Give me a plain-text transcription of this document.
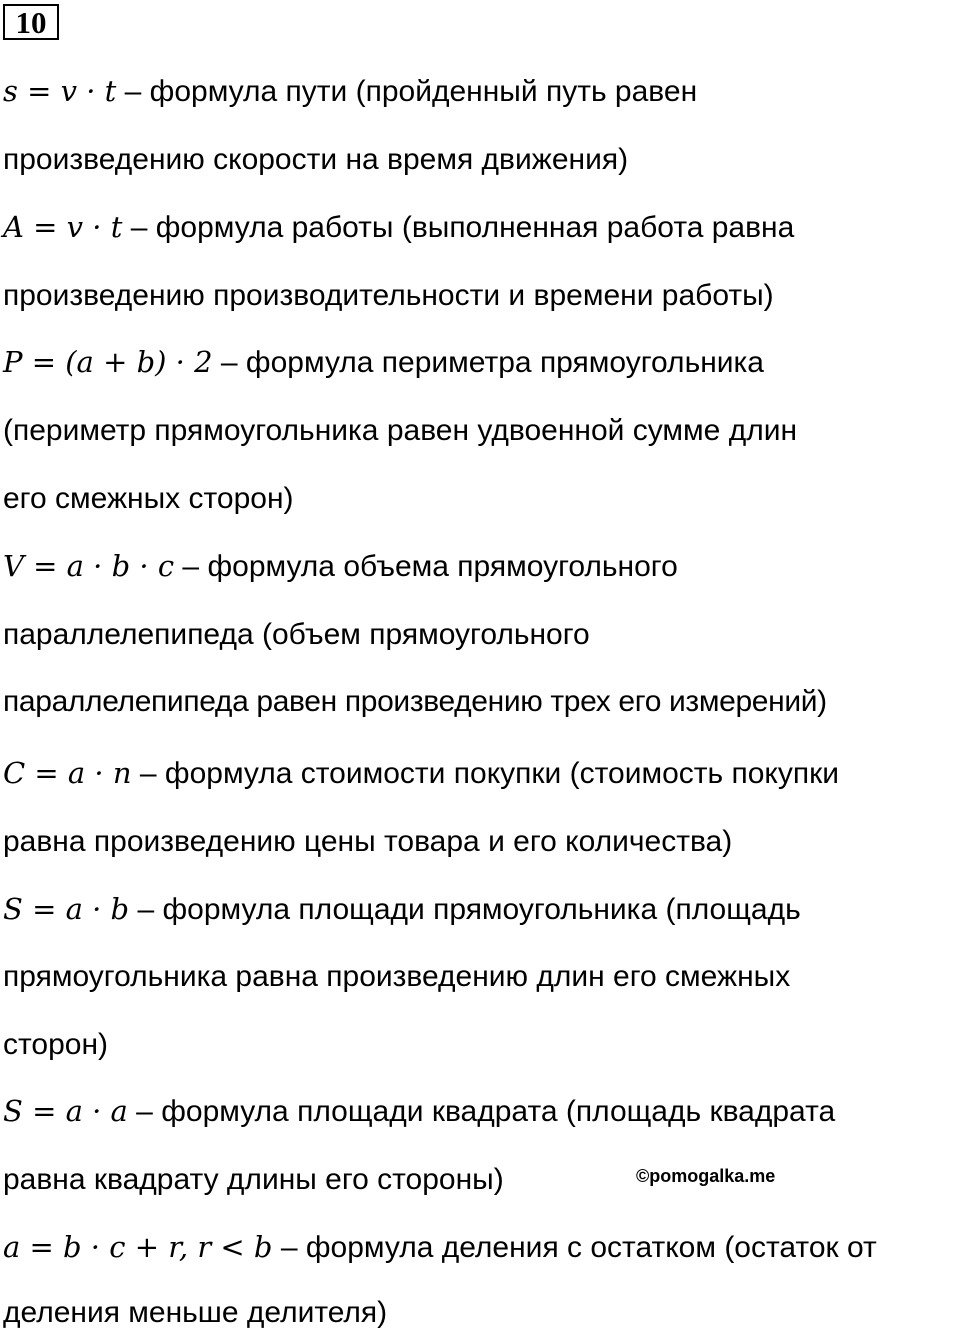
10
s = v · t – формула пути (пройденный путь равен
произведению скорости на время движения)
A = v · t – формула работы (выполненная работа равна
произведению производительности и времени работы)
P = (a + b) · 2 – формула периметра прямоугольника
(периметр прямоугольника равен удвоенной сумме длин
его смежных сторон)
V = a · b · c – формула объема прямоугольного
параллелепипеда (объем прямоугольного
параллелепипеда равен произведению трех его измерений)
C = a · n – формула стоимости покупки (стоимость покупки
равна произведению цены товара и его количества)
S = a · b – формула площади прямоугольника (площадь
прямоугольника равна произведению длин его смежных
сторон)
S = a · a – формула площади квадрата (площадь квадрата
равна квадрату длины его стороны)
a = b · c + r, r < b – формула деления с остатком (остаток от
деления меньше делителя)
©pomogalka.me
